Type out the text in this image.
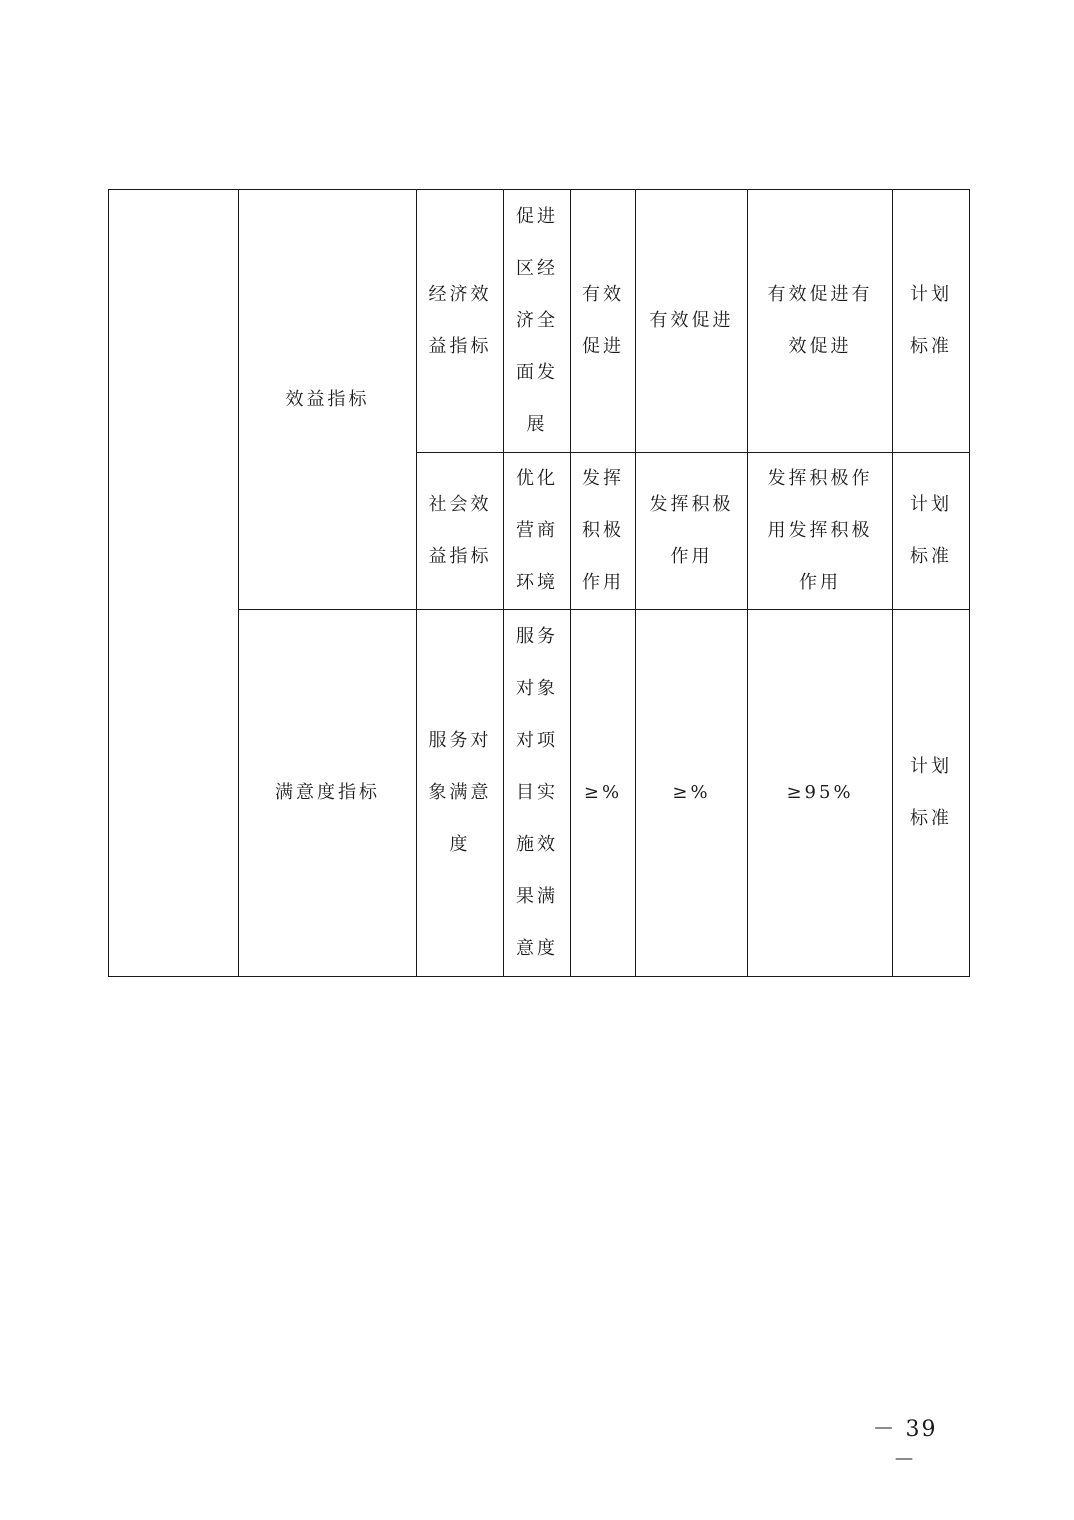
	效益指标	经济效益指标	促进区经济全面发展	有效促进	有效促进	有效促进有效促进	计划标准
		社会效益指标	优化营商环境	发挥积极作用	发挥积极作用	发挥积极作用发挥积极作用	计划标准
	满意度指标	服务对象满意度	服务对象对项目实施效果满意度	≥%	≥%	≥95%	计划标准
－ 39 －
